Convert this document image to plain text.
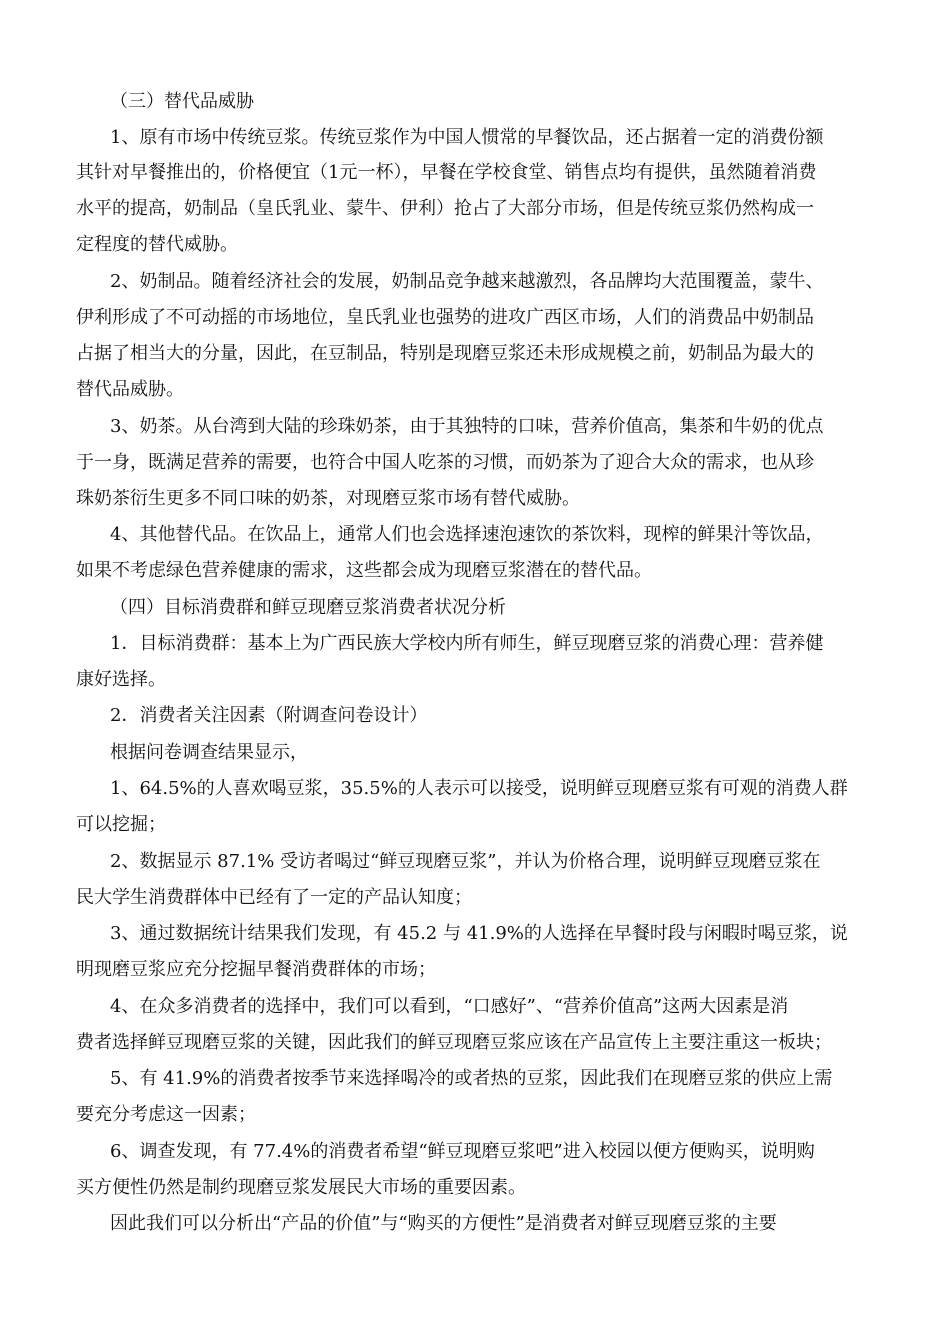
（三）替代品威胁
1、原有市场中传统豆浆。传统豆浆作为中国人惯常的早餐饮品，还占据着一定的消费份额
其针对早餐推出的，价格便宜（1元一杯），早餐在学校食堂、销售点均有提供，虽然随着消费
水平的提高，奶制品（皇氏乳业、蒙牛、伊利）抢占了大部分市场，但是传统豆浆仍然构成一
定程度的替代威胁。
2、奶制品。随着经济社会的发展，奶制品竞争越来越激烈，各品牌均大范围覆盖，蒙牛、
伊利形成了不可动摇的市场地位，皇氏乳业也强势的进攻广西区市场，人们的消费品中奶制品
占据了相当大的分量，因此，在豆制品，特别是现磨豆浆还未形成规模之前，奶制品为最大的
替代品威胁。
3、奶茶。从台湾到大陆的珍珠奶茶，由于其独特的口味，营养价值高，集茶和牛奶的优点
于一身，既满足营养的需要，也符合中国人吃茶的习惯，而奶茶为了迎合大众的需求，也从珍
珠奶茶衍生更多不同口味的奶茶，对现磨豆浆市场有替代威胁。
4、其他替代品。在饮品上，通常人们也会选择速泡速饮的茶饮料，现榨的鲜果汁等饮品，
如果不考虑绿色营养健康的需求，这些都会成为现磨豆浆潜在的替代品。
（四）目标消费群和鲜豆现磨豆浆消费者状况分析
1．目标消费群：基本上为广西民族大学校内所有师生，鲜豆现磨豆浆的消费心理：营养健
康好选择。
2．消费者关注因素（附调查问卷设计）
根据问卷调查结果显示，
1、64.5%的人喜欢喝豆浆，35.5%的人表示可以接受，说明鲜豆现磨豆浆有可观的消费人群
可以挖掘；
2、数据显示 87.1% 受访者喝过“鲜豆现磨豆浆”，并认为价格合理，说明鲜豆现磨豆浆在
民大学生消费群体中已经有了一定的产品认知度；
3、通过数据统计结果我们发现，有 45.2 与 41.9%的人选择在早餐时段与闲暇时喝豆浆，说
明现磨豆浆应充分挖掘早餐消费群体的市场；
4、在众多消费者的选择中，我们可以看到，“口感好”、“营养价值高”这两大因素是消
费者选择鲜豆现磨豆浆的关键，因此我们的鲜豆现磨豆浆应该在产品宣传上主要注重这一板块；
5、有 41.9%的消费者按季节来选择喝冷的或者热的豆浆，因此我们在现磨豆浆的供应上需
要充分考虑这一因素；
6、调查发现，有 77.4%的消费者希望“鲜豆现磨豆浆吧”进入校园以便方便购买，说明购
买方便性仍然是制约现磨豆浆发展民大市场的重要因素。
因此我们可以分析出“产品的价值”与“购买的方便性”是消费者对鲜豆现磨豆浆的主要
